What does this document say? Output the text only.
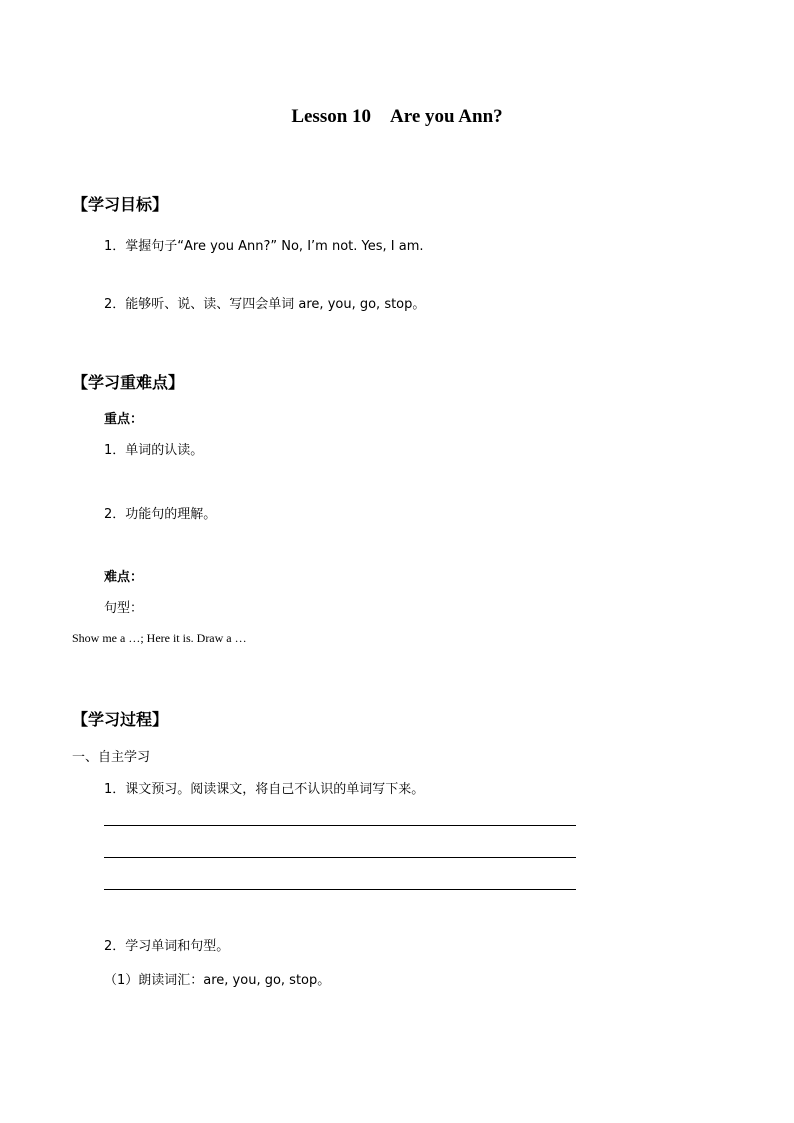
Lesson 10    Are you Ann?
【学习目标】
1．掌握句子“Are you Ann?” No, I’m not. Yes, I am.
2．能够听、说、读、写四会单词 are, you, go, stop。
【学习重难点】
重点：
1．单词的认读。
2．功能句的理解。
难点：
句型：
Show me a …; Here it is. Draw a …
【学习过程】
一、自主学习
1．课文预习。阅读课文，将自己不认识的单词写下来。
2．学习单词和句型。
（1）朗读词汇：are, you, go, stop。
